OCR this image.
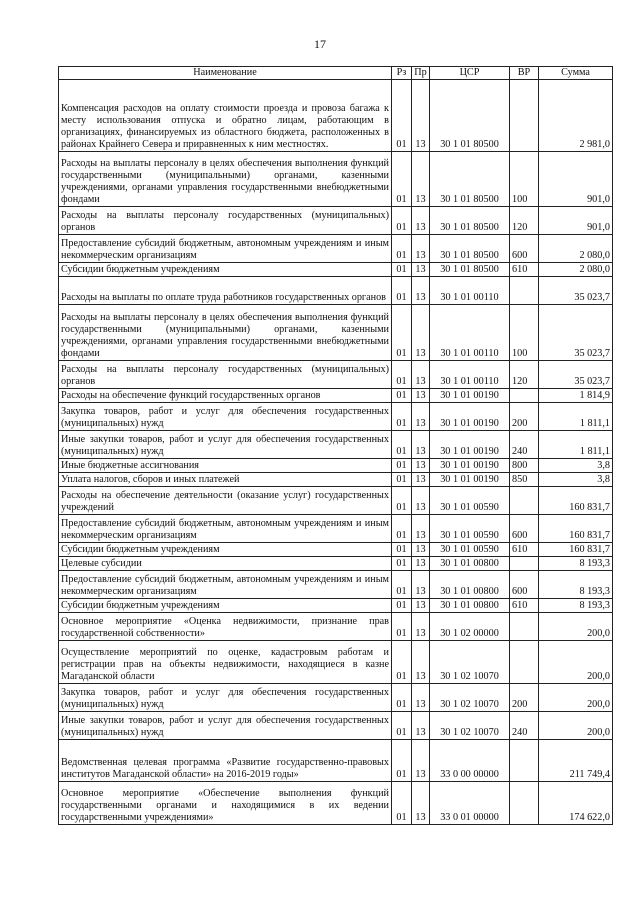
17
Наименование	Рз	Пр	ЦСР	ВР	Сумма
Компенсация расходов на оплату стоимости проезда и провоза багажа к месту использования отпуска и обратно лицам, работающим в организациях, финансируемых из областного бюджета, расположенных в районах Крайнего Севера и приравненных к ним местностях.	01	13	30 1 01 80500		2 981,0
Расходы на выплаты персоналу в целях обеспечения выполнения функций государственными (муниципальными) органами, казенными учреждениями, органами управления государственными внебюджетными фондами	01	13	30 1 01 80500	100	901,0
Расходы на выплаты персоналу государственных (муниципальных) органов	01	13	30 1 01 80500	120	901,0
Предоставление субсидий бюджетным, автономным учреждениям и иным некоммерческим организациям	01	13	30 1 01 80500	600	2 080,0
Субсидии бюджетным учреждениям	01	13	30 1 01 80500	610	2 080,0
Расходы на выплаты по оплате труда работников государственных органов	01	13	30 1 01 00110		35 023,7
Расходы на выплаты персоналу в целях обеспечения выполнения функций государственными (муниципальными) органами, казенными учреждениями, органами управления государственными внебюджетными фондами	01	13	30 1 01 00110	100	35 023,7
Расходы на выплаты персоналу государственных (муниципальных) органов	01	13	30 1 01 00110	120	35 023,7
Расходы на обеспечение функций государственных органов	01	13	30 1 01 00190		1 814,9
Закупка товаров, работ и услуг для обеспечения государственных (муниципальных) нужд	01	13	30 1 01 00190	200	1 811,1
Иные закупки товаров, работ и услуг для обеспечения государственных (муниципальных) нужд	01	13	30 1 01 00190	240	1 811,1
Иные бюджетные ассигнования	01	13	30 1 01 00190	800	3,8
Уплата налогов, сборов и иных платежей	01	13	30 1 01 00190	850	3,8
Расходы на обеспечение деятельности (оказание услуг) государственных учреждений	01	13	30 1 01 00590		160 831,7
Предоставление субсидий бюджетным, автономным учреждениям и иным некоммерческим организациям	01	13	30 1 01 00590	600	160 831,7
Субсидии бюджетным учреждениям	01	13	30 1 01 00590	610	160 831,7
Целевые субсидии	01	13	30 1 01 00800		8 193,3
Предоставление субсидий бюджетным, автономным учреждениям и иным некоммерческим организациям	01	13	30 1 01 00800	600	8 193,3
Субсидии бюджетным учреждениям	01	13	30 1 01 00800	610	8 193,3
Основное мероприятие «Оценка недвижимости, признание прав государственной собственности»	01	13	30 1 02 00000		200,0
Осуществление мероприятий по оценке, кадастровым работам и регистрации прав на объекты недвижимости, находящиеся в казне Магаданской области	01	13	30 1 02 10070		200,0
Закупка товаров, работ и услуг для обеспечения государственных (муниципальных) нужд	01	13	30 1 02 10070	200	200,0
Иные закупки товаров, работ и услуг для обеспечения государственных (муниципальных) нужд	01	13	30 1 02 10070	240	200,0
Ведомственная целевая программа «Развитие государственно-правовых институтов Магаданской области» на 2016-2019 годы»	01	13	33 0 00 00000		211 749,4
Основное мероприятие «Обеспечение выполнения функций государственными органами и находящимися в их ведении государственными учреждениями»	01	13	33 0 01 00000		174 622,0
